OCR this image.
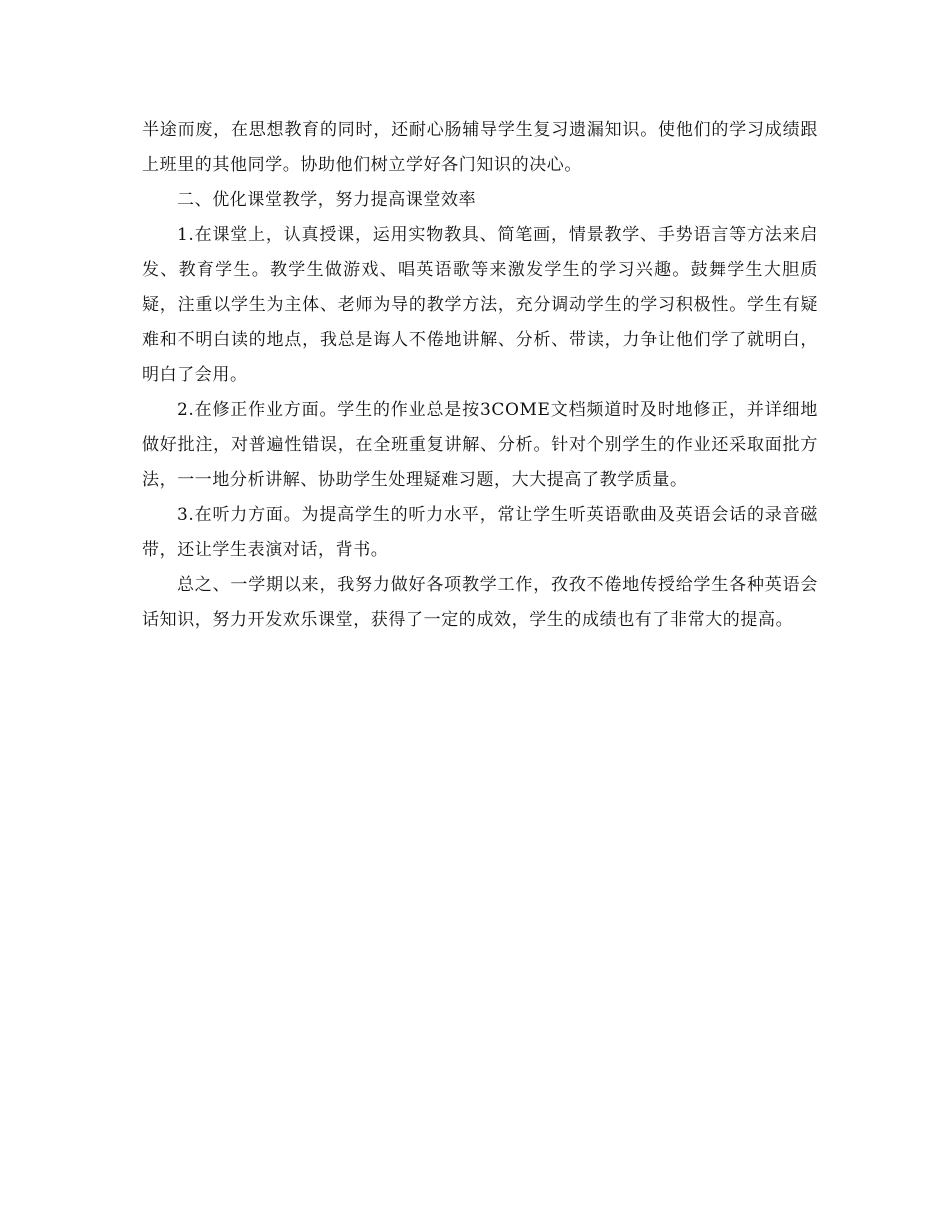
半途而废，在思想教育的同时，还耐心肠辅导学生复习遗漏知识。使他们的学习成绩跟上班里的其他同学。协助他们树立学好各门知识的决心。

二、优化课堂教学，努力提高课堂效率

1.在课堂上，认真授课，运用实物教具、简笔画，情景教学、手势语言等方法来启发、教育学生。教学生做游戏、唱英语歌等来激发学生的学习兴趣。鼓舞学生大胆质疑，注重以学生为主体、老师为导的教学方法，充分调动学生的学习积极性。学生有疑难和不明白读的地点，我总是诲人不倦地讲解、分析、带读，力争让他们学了就明白，明白了会用。

2.在修正作业方面。学生的作业总是按3COME文档频道时及时地修正，并详细地做好批注，对普遍性错误，在全班重复讲解、分析。针对个别学生的作业还采取面批方法，一一地分析讲解、协助学生处理疑难习题，大大提高了教学质量。

3.在听力方面。为提高学生的听力水平，常让学生听英语歌曲及英语会话的录音磁带，还让学生表演对话，背书。

总之、一学期以来，我努力做好各项教学工作，孜孜不倦地传授给学生各种英语会话知识，努力开发欢乐课堂，获得了一定的成效，学生的成绩也有了非常大的提高。
